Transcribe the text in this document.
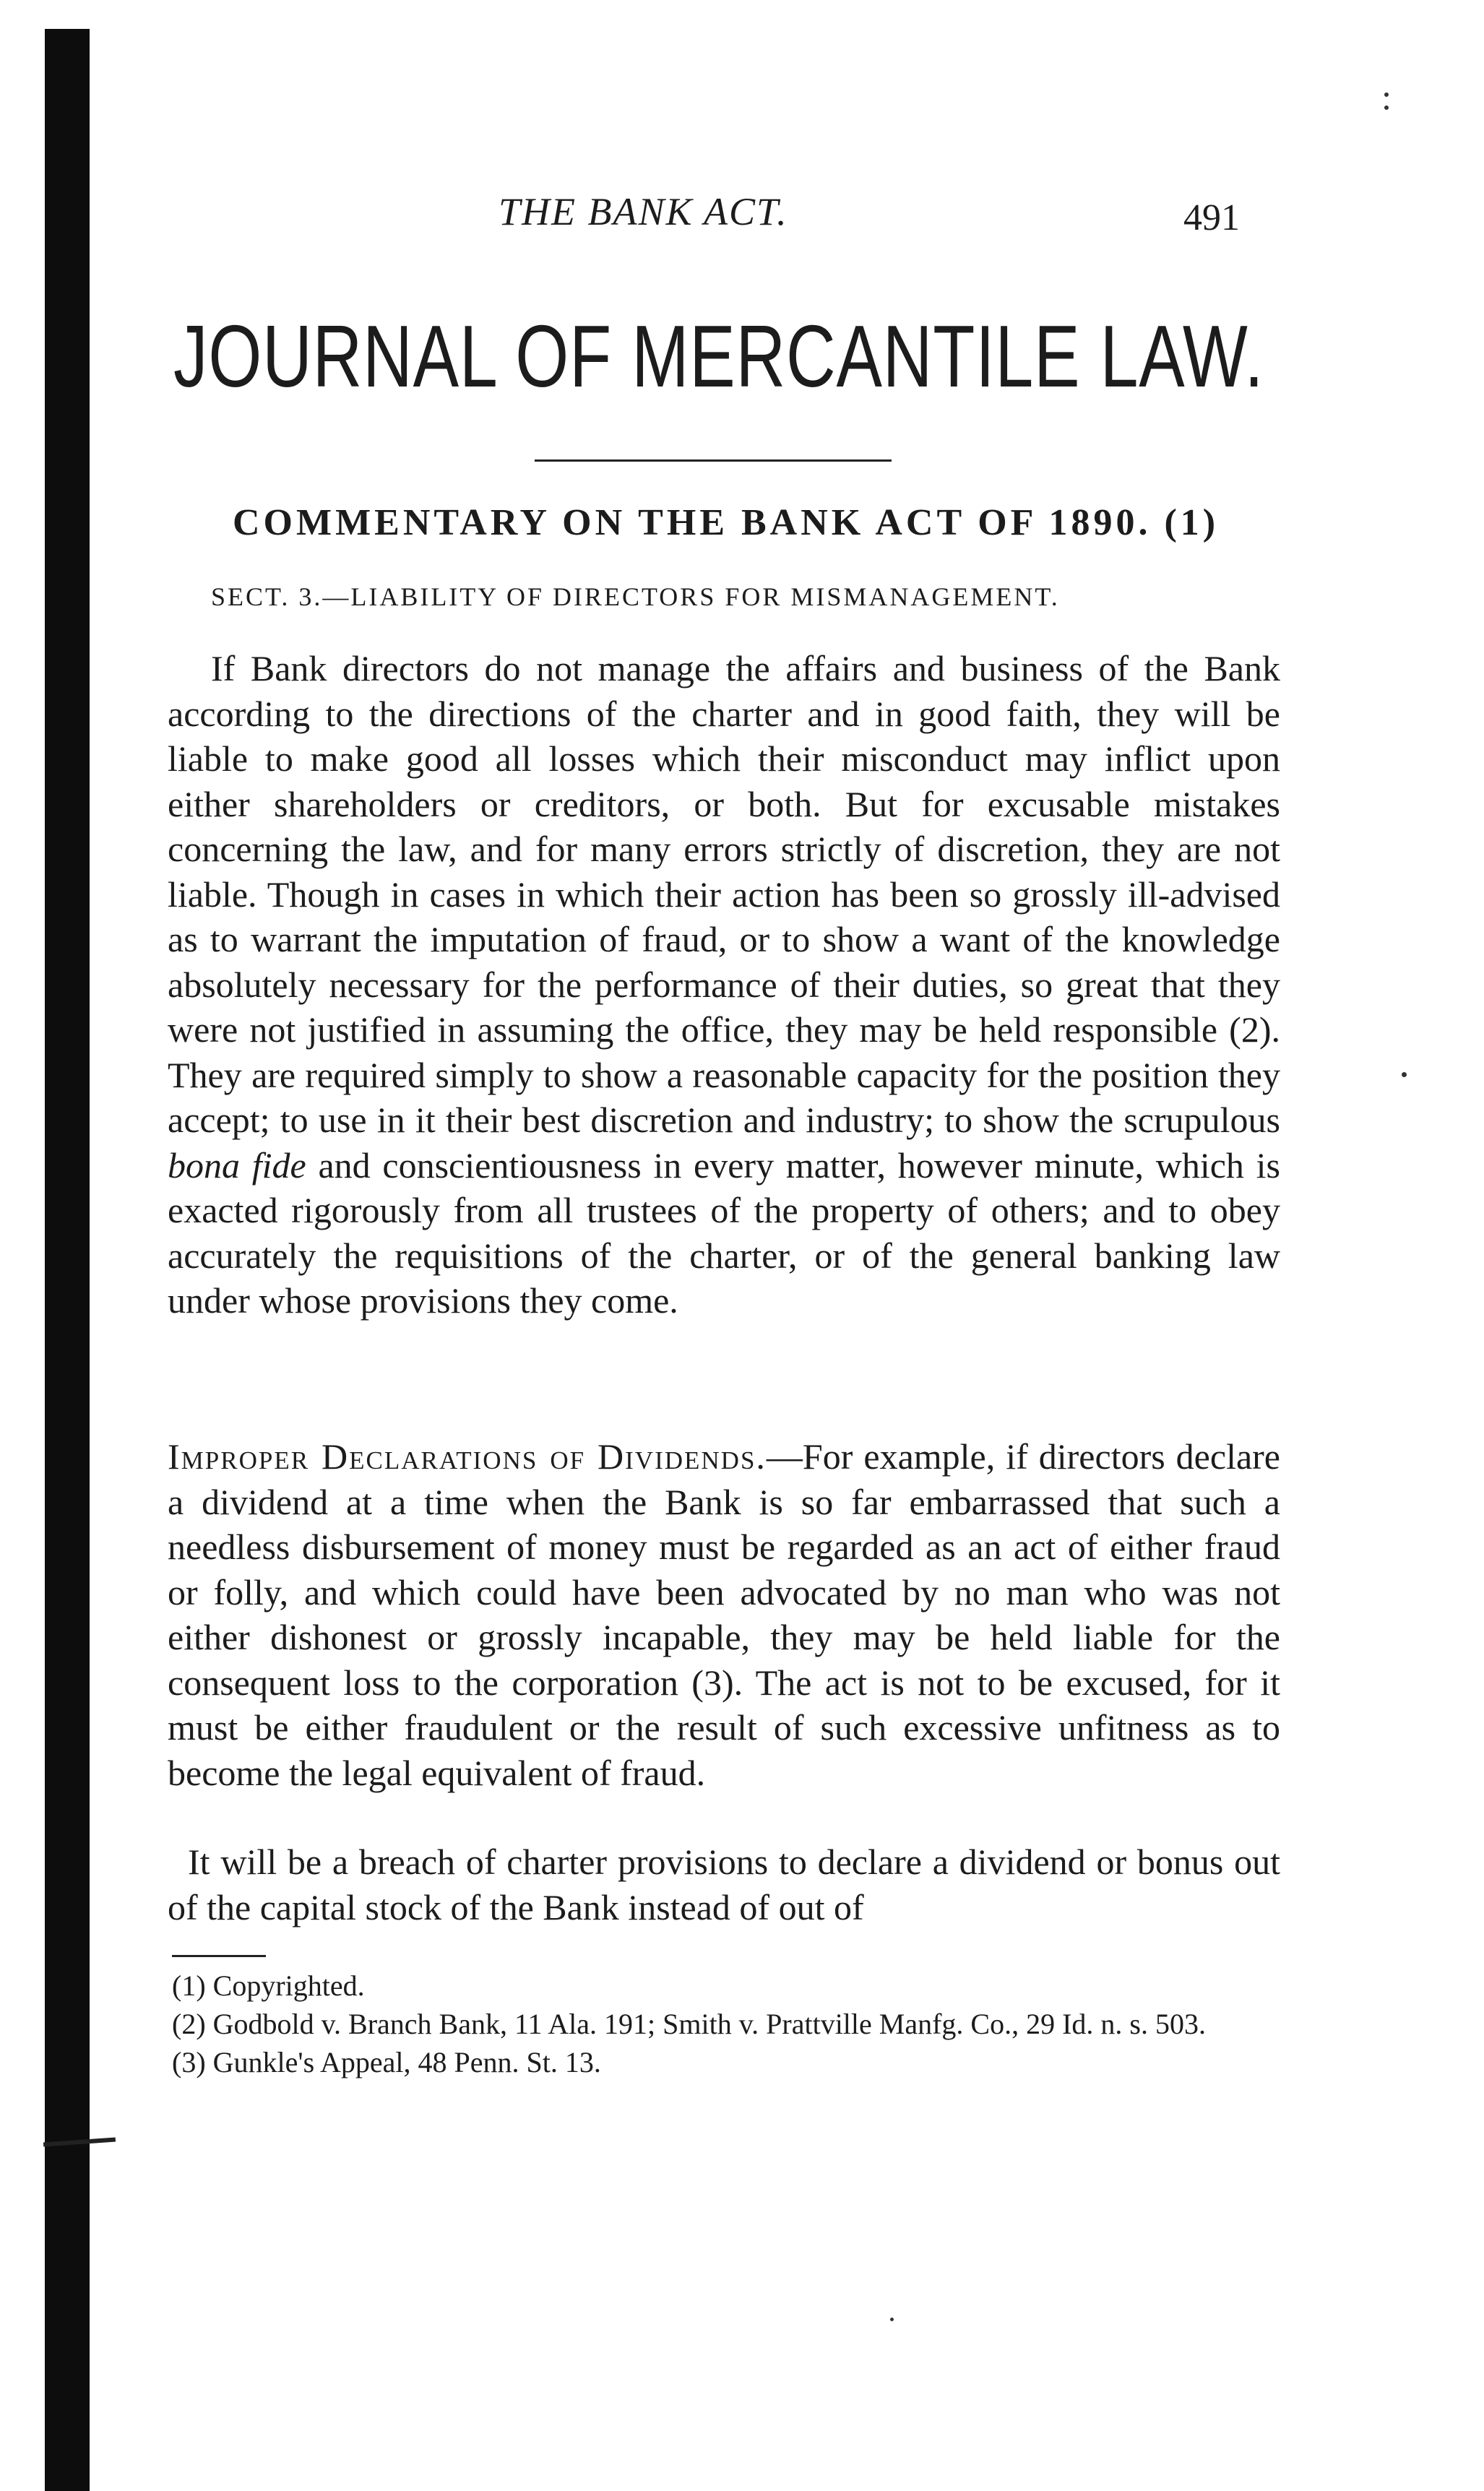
THE BANK ACT.	491
JOURNAL OF MERCANTILE LAW.
COMMENTARY ON THE BANK ACT OF 1890. (1)
SECT. 3.—LIABILITY OF DIRECTORS FOR MISMANAGEMENT.

If Bank directors do not manage the affairs and business of the Bank according to the directions of the charter and in good faith, they will be liable to make good all losses which their misconduct may inflict upon either shareholders or creditors, or both. But for excusable mistakes concerning the law, and for many errors strictly of discretion, they are not liable. Though in cases in which their action has been so grossly ill-advised as to warrant the imputation of fraud, or to show a want of the knowledge absolutely necessary for the performance of their duties, so great that they were not justified in assuming the office, they may be held responsible (2). They are required simply to show a reasonable capacity for the position they accept; to use in it their best discretion and industry; to show the scrupulous bona fide and conscientiousness in every matter, however minute, which is exacted rigorously from all trustees of the property of others; and to obey accurately the requisitions of the charter, or of the general banking law under whose provisions they come.

Improper Declarations of Dividends.—For example, if directors declare a dividend at a time when the Bank is so far embarrassed that such a needless disbursement of money must be regarded as an act of either fraud or folly, and which could have been advocated by no man who was not either dishonest or grossly incapable, they may be held liable for the consequent loss to the corporation (3). The act is not to be excused, for it must be either fraudulent or the result of such excessive unfitness as to become the legal equivalent of fraud.

It will be a breach of charter provisions to declare a dividend or bonus out of the capital stock of the Bank instead of out of

(1) Copyrighted.
(2) Godbold v. Branch Bank, 11 Ala. 191; Smith v. Prattville Manfg. Co., 29 Id. n. s. 503.
(3) Gunkle's Appeal, 48 Penn. St. 13.
